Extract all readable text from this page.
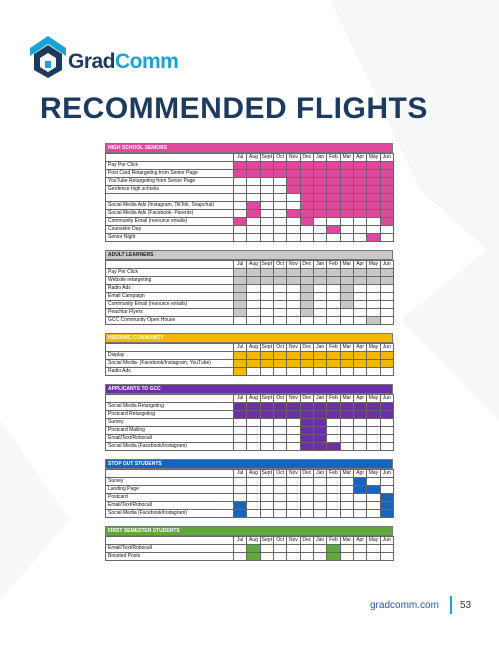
GradComm
RECOMMENDED FLIGHTS
HIGH SCHOOL SENIORS
	Jul	Aug	Sept	Oct	Nov	Dec	Jan	Feb	Mar	Apr	May	Jun
Pay Per Click												
Post Card Retargeting from Senior Page												
YouTube Retargeting from Senior Page												
Geofence high schools												

Social Media Ads (Instagram, TikTok, Snapchat)												
Social Media Ads (Facebook- Parents)												
Community Email (resource emails)												
Counselor Day												
Senior Night												
ADULT LEARNERS
	Jul	Aug	Sept	Oct	Nov	Dec	Jan	Feb	Mar	Apr	May	Jun
Pay Per Click												
Website retargeting												
Radio Ads												
Email Campaign												
Community Email (resource emails)												
Peachlar Flyers												
GCC Community Open House												
HISPANIC COMMUNITY
	Jul	Aug	Sept	Oct	Nov	Dec	Jan	Feb	Mar	Apr	May	Jun
Display												
Social Media- (Facebook/Instagram, YouTube)												
Radio Ads												
APPLICANTS TO GCC
	Jul	Aug	Sept	Oct	Nov	Dec	Jan	Feb	Mar	Apr	May	Jun
Social Media Retargeting												
Postcard Retargeting												
Survey												
Postcard Mailing												
Email/Text/Robocall												
Social Media (Facebook/Instagram)												
STOP OUT STUDENTS
	Jul	Aug	Sept	Oct	Nov	Dec	Jan	Feb	Mar	Apr	May	Jun
Survey												
Landing Page												
Postcard												
Email/Text/Robocall												
Social Media (Facebook/Instagram)												
FIRST SEMESTER STUDENTS
	Jul	Aug	Sept	Oct	Nov	Dec	Jan	Feb	Mar	Apr	May	Jun
Email/Text/Robocall												
Boosted Posts												
gradcomm.com 53
